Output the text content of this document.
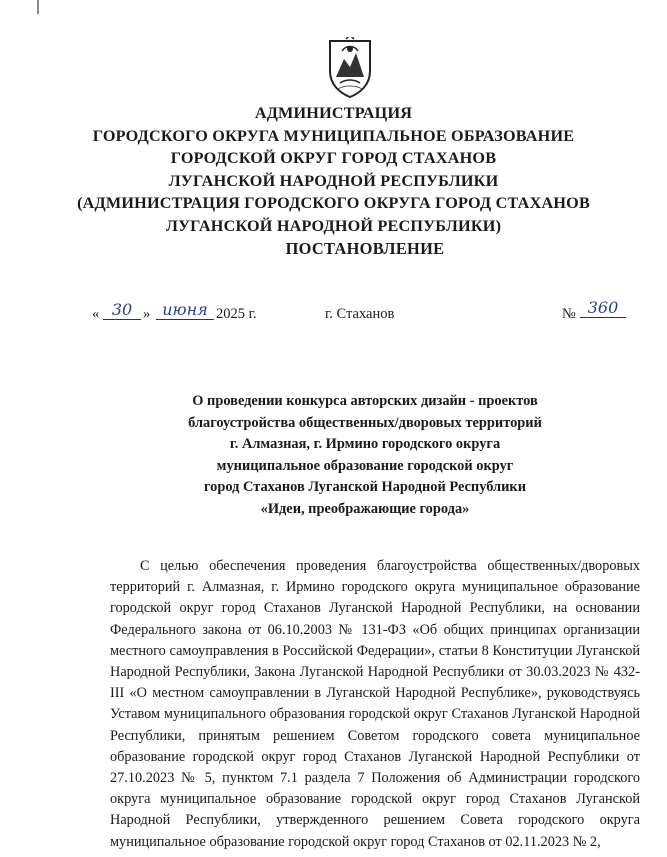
АДМИНИСТРАЦИЯ
ГОРОДСКОГО ОКРУГА МУНИЦИПАЛЬНОЕ ОБРАЗОВАНИЕ
ГОРОДСКОЙ ОКРУГ ГОРОД СТАХАНОВ
ЛУГАНСКОЙ НАРОДНОЙ РЕСПУБЛИКИ
(АДМИНИСТРАЦИЯ ГОРОДСКОГО ОКРУГА ГОРОД СТАХАНОВ
ЛУГАНСКОЙ НАРОДНОЙ РЕСПУБЛИКИ)
ПОСТАНОВЛЕНИЕ
« 30 » июня 2025 г.	г. Стаханов	№ 360
О проведении конкурса авторских дизайн - проектов
благоустройства общественных/дворовых территорий
г. Алмазная, г. Ирмино городского округа
муниципальное образование городской округ
город Стаханов Луганской Народной Республики
«Идеи, преображающие города»

С целью обеспечения проведения благоустройства общественных/дворовых территорий г. Алмазная, г. Ирмино городского округа муниципальное образование городской округ город Стаханов Луганской Народной Республики, на основании Федерального закона от 06.10.2003 № 131-ФЗ «Об общих принципах организации местного самоуправления в Российской Федерации», статьи 8 Конституции Луганской Народной Республики, Закона Луганской Народной Республики от 30.03.2023 № 432-III «О местном самоуправлении в Луганской Народной Республике», руководствуясь Уставом муниципального образования городской округ Стаханов Луганской Народной Республики, принятым решением Советом городского совета муниципальное образование городской округ город Стаханов Луганской Народной Республики от 27.10.2023 № 5, пунктом 7.1 раздела 7 Положения об Администрации городского округа муниципальное образование городской округ город Стаханов Луганской Народной Республики, утвержденного решением Совета городского округа муниципальное образование городской округ город Стаханов от 02.11.2023 № 2,
